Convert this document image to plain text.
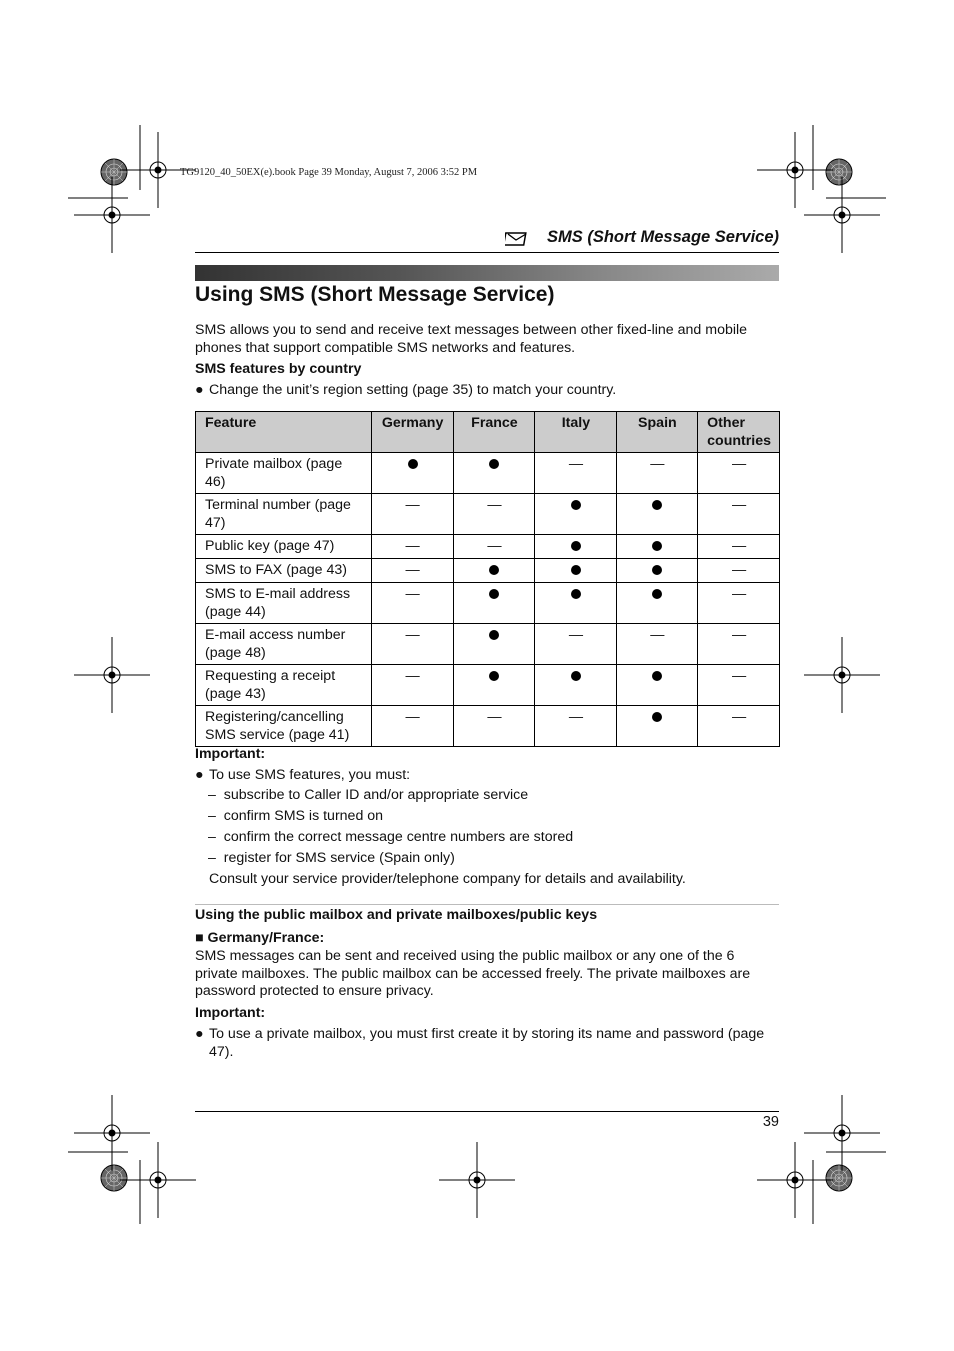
TG9120_40_50EX(e).book Page 39 Monday, August 7, 2006 3:52 PM
SMS (Short Message Service)
Using SMS (Short Message Service)
SMS allows you to send and receive text messages between other fixed-line and mobile phones that support compatible SMS networks and features.
SMS features by country
● Change the unit’s region setting (page 35) to match your country.
Feature	Germany	France	Italy	Spain	Other countries
Private mailbox (page 46)			—	—	—
Terminal number (page 47)	—	—			—
Public key (page 47)	—	—			—
SMS to FAX (page 43)	—				—
SMS to E-mail address (page 44)	—				—
E-mail access number (page 48)	—		—	—	—
Requesting a receipt (page 43)	—				—
Registering/cancelling SMS service (page 41)	—	—	—		—
Important:
● To use SMS features, you must:
–  subscribe to Caller ID and/or appropriate service
–  confirm SMS is turned on
–  confirm the correct message centre numbers are stored
–  register for SMS service (Spain only)
Consult your service provider/telephone company for details and availability.
Using the public mailbox and private mailboxes/public keys
■ Germany/France:
SMS messages can be sent and received using the public mailbox or any one of the 6 private mailboxes. The public mailbox can be accessed freely. The private mailboxes are password protected to ensure privacy.
Important:
● To use a private mailbox, you must first create it by storing its name and password (page 47).
39
